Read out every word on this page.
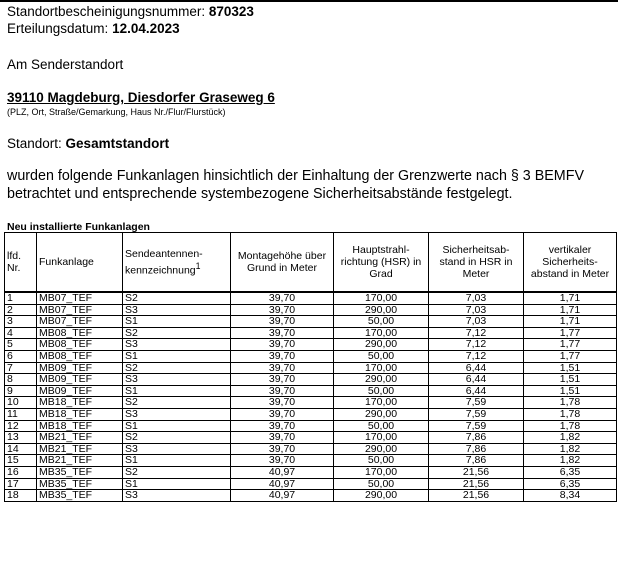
Standortbescheinigungsnummer: 870323
Erteilungsdatum: 12.04.2023
Am Senderstandort
39110 Magdeburg, Diesdorfer Graseweg 6
(PLZ, Ort, Straße/Gemarkung, Haus Nr./Flur/Flurstück)
Standort: Gesamtstandort
wurden folgende Funkanlagen hinsichtlich der Einhaltung der Grenzwerte nach § 3 BEMFV betrachtet und entsprechende systembezogene Sicherheitsabstände festgelegt.
Neu installierte Funkanlagen
lfd. Nr.	Funkanlage	Sendeantennen-kennzeichnung$^1$	Montagehöhe über Grund in Meter	Hauptstrahl-richtung (HSR) in Grad	Sicherheitsab-stand in HSR in Meter	vertikaler Sicherheits-abstand in Meter
1	MB07_TEF	S2	39,70	170,00	7,03	1,71
2	MB07_TEF	S3	39,70	290,00	7,03	1,71
3	MB07_TEF	S1	39,70	50,00	7,03	1,71
4	MB08_TEF	S2	39,70	170,00	7,12	1,77
5	MB08_TEF	S3	39,70	290,00	7,12	1,77
6	MB08_TEF	S1	39,70	50,00	7,12	1,77
7	MB09_TEF	S2	39,70	170,00	6,44	1,51
8	MB09_TEF	S3	39,70	290,00	6,44	1,51
9	MB09_TEF	S1	39,70	50,00	6,44	1,51
10	MB18_TEF	S2	39,70	170,00	7,59	1,78
11	MB18_TEF	S3	39,70	290,00	7,59	1,78
12	MB18_TEF	S1	39,70	50,00	7,59	1,78
13	MB21_TEF	S2	39,70	170,00	7,86	1,82
14	MB21_TEF	S3	39,70	290,00	7,86	1,82
15	MB21_TEF	S1	39,70	50,00	7,86	1,82
16	MB35_TEF	S2	40,97	170,00	21,56	6,35
17	MB35_TEF	S1	40,97	50,00	21,56	6,35
18	MB35_TEF	S3	40,97	290,00	21,56	8,34
